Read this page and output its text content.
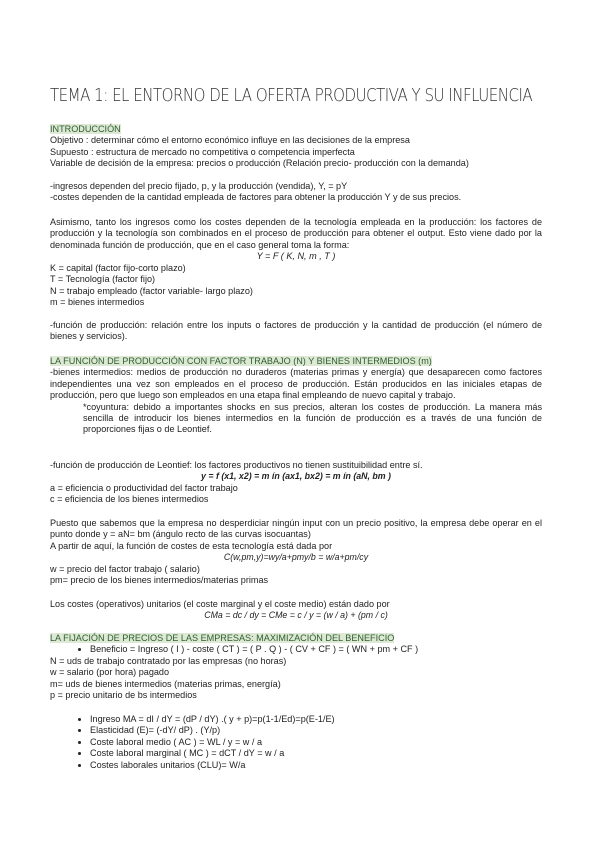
TEMA 1: EL ENTORNO DE LA OFERTA PRODUCTIVA Y SU INFLUENCIA

INTRODUCCIÓN

Objetivo : determinar cómo el entorno económico influye en las decisiones de la empresa

Supuesto : estructura de mercado no competitiva o competencia imperfecta

Variable de decisión de la empresa: precios o producción (Relación precio- producción con la demanda)

-ingresos dependen del precio fijado, p, y la producción (vendida), Y, = pY

-costes dependen de la cantidad empleada de factores para obtener la producción Y y de sus precios.

Asimismo, tanto los ingresos como los costes dependen de la tecnología empleada en la producción: los factores de producción y la tecnología son combinados en el proceso de producción para obtener el output. Esto viene dado por la denominada función de producción, que en el caso general toma la forma:

Y = F ( K, N, m , T )

K = capital (factor fijo-corto plazo)

T = Tecnología (factor fijo)

N = trabajo empleado (factor variable- largo plazo)

m = bienes intermedios

-función de producción: relación entre los inputs o factores de producción y la cantidad de producción (el número de bienes y servicios).

LA FUNCIÓN DE PRODUCCIÓN CON FACTOR TRABAJO (N) Y BIENES INTERMEDIOS (m)

-bienes intermedios: medios de producción no duraderos (materias primas y energía) que desaparecen como factores independientes una vez son empleados en el proceso de producción. Están producidos en las iniciales etapas de producción, pero que luego son empleados en una etapa final empleando de nuevo capital y trabajo.

*coyuntura: debido a importantes shocks en sus precios, alteran los costes de producción. La manera más sencilla de introducir los bienes intermedios en la función de producción es a través de una función de proporciones fijas o de Leontief.

-función de producción de Leontief: los factores productivos no tienen sustituibilidad entre sí.

y = f (x1, x2) = m ín (ax1, bx2) = m ín (aN, bm )

a = eficiencia o productividad del factor trabajo

c = eficiencia de los bienes intermedios

Puesto que sabemos que la empresa no desperdiciar ningún input con un precio positivo, la empresa debe operar en el punto donde y = aN= bm (ángulo recto de las curvas isocuantas)

A partir de aquí, la función de costes de esta tecnología está dada por

C(w,pm,y)=wy/a+pmy/b = w/a+pm/cy

w = precio del factor trabajo ( salario)

pm= precio de los bienes intermedios/materias primas

Los costes (operativos) unitarios (el coste marginal y el coste medio) están dado por

CMa = dc / dy = CMe = c / y = (w / a) + (pm / c)

LA FIJACIÓN DE PRECIOS DE LAS EMPRESAS: MAXIMIZACIÓN DEL BENEFICIO

• Beneficio = Ingreso ( I ) - coste ( CT ) = ( P . Q ) - ( CV + CF ) = ( WN + pm + CF )

N = uds de trabajo contratado por las empresas (no horas)

w = salario (por hora) pagado

m= uds de bienes intermedios (materias primas, energía)

p = precio unitario de bs intermedios

• Ingreso MA = dI / dY = (dP / dY) .( y + p)=p(1-1/Ed)=p(E-1/E)
• Elasticidad (E)= (-dY/ dP) . (Y/p)
• Coste laboral medio ( AC ) = WL / y = w / a
• Coste laboral marginal ( MC ) = dCT / dY = w / a
• Costes laborales unitarios (CLU)= W/a
